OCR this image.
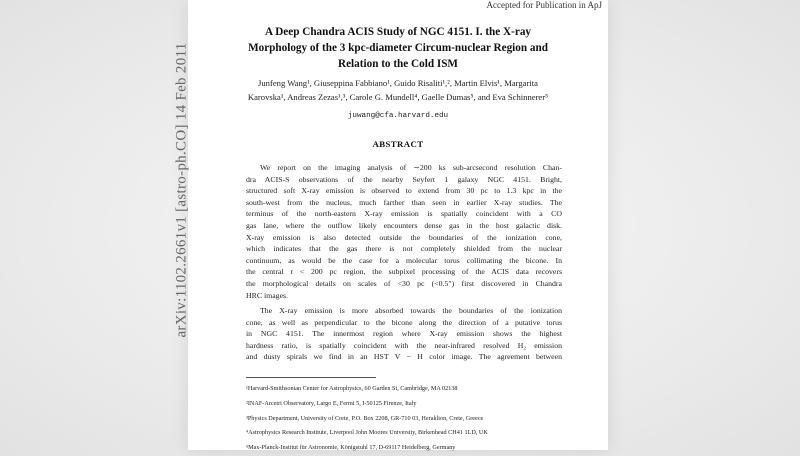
Accepted for Publication in ApJ
A Deep Chandra ACIS Study of NGC 4151. I. the X-ray
Morphology of the 3 kpc-diameter Circum-nuclear Region and
Relation to the Cold ISM
Junfeng Wang¹, Giuseppina Fabbiano¹, Guido Risaliti¹,², Martin Elvis¹, Margarita
Karovska¹, Andreas Zezas¹,³, Carole G. Mundell⁴, Gaelle Dumas⁵, and Eva Schinnerer⁵
juwang@cfa.harvard.edu
ABSTRACT
We report on the imaging analysis of ∼200 ks sub-arcsecond resolution Chan-
dra ACIS-S observations of the nearby Seyfert 1 galaxy NGC 4151. Bright,
structured soft X-ray emission is observed to extend from 30 pc to 1.3 kpc in the
south-west from the nucleus, much farther than seen in earlier X-ray studies. The
terminus of the north-eastern X-ray emission is spatially coincident with a CO
gas lane, where the outflow likely encounters dense gas in the host galactic disk.
X-ray emission is also detected outside the boundaries of the ionization cone,
which indicates that the gas there is not completely shielded from the nuclear
continuum, as would be the case for a molecular torus collimating the bicone. In
the central r < 200 pc region, the subpixel processing of the ACIS data recovers
the morphological details on scales of <30 pc (<0.5″) first discovered in Chandra
HRC images.
The X-ray emission is more absorbed towards the boundaries of the ionization
cone, as well as perpendicular to the bicone along the direction of a putative torus
in NGC 4151. The innermost region where X-ray emission shows the highest
hardness ratio, is spatially coincident with the near-infrared resolved H₂ emission
and dusty spirals we find in an HST V − H color image. The agreement between
¹Harvard-Smithsonian Center for Astrophysics, 60 Garden St, Cambridge, MA 02138
²INAF-Arcetri Observatory, Largo E, Fermi 5, I-50125 Firenze, Italy
³Physics Department, University of Crete, P.O. Box 2208, GR-710 03, Heraklion, Crete, Greece
⁴Astrophysics Research Institute, Liverpool John Moores University, Birkenhead CH41 1LD, UK
⁵Max-Planck-Institut für Astronomie, Königstuhl 17, D-69117 Heidelberg, Germany
arXiv:1102.2661v1 [astro-ph.CO] 14 Feb 2011
